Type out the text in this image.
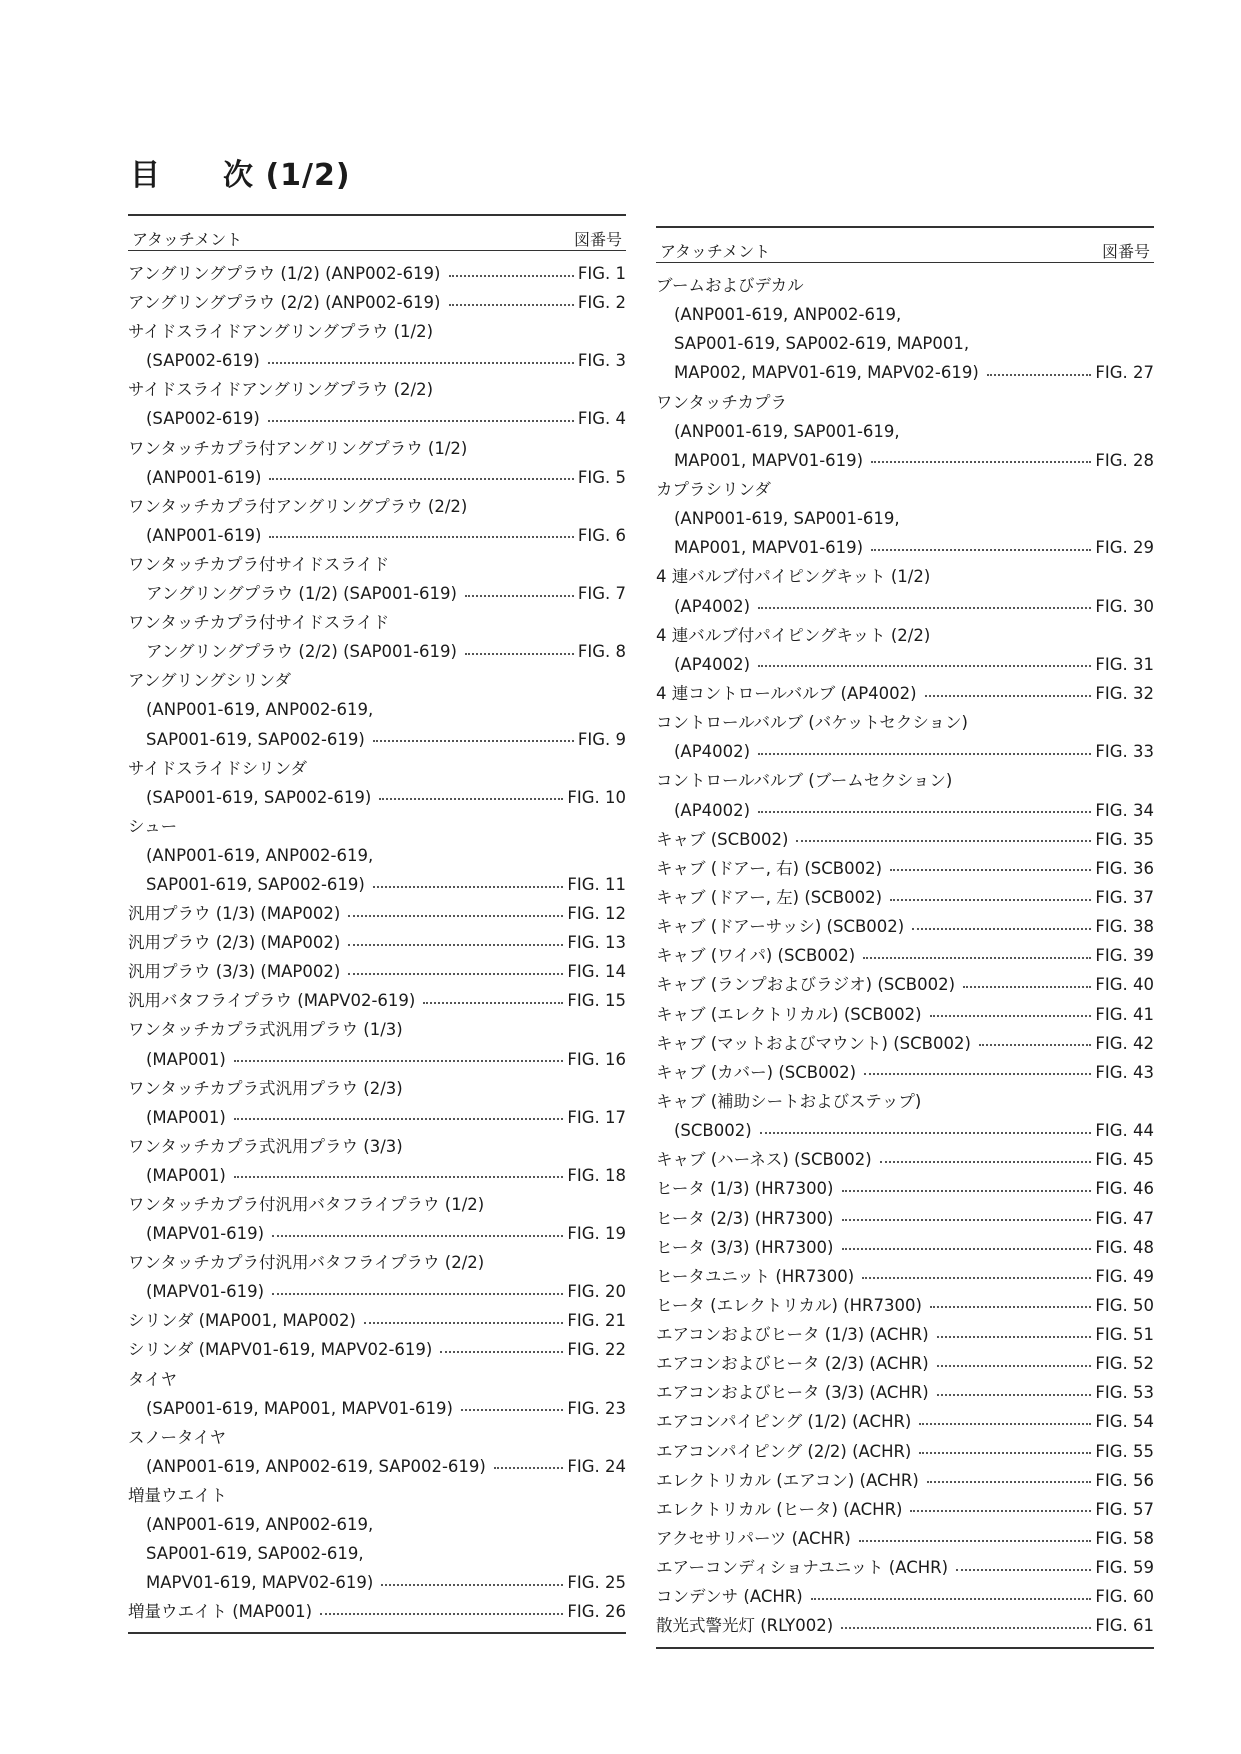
目　　次 (1/2)
アタッチメント	図番号
アングリングプラウ (1/2) (ANP002-619)	FIG. 1
アングリングプラウ (2/2) (ANP002-619)	FIG. 2
サイドスライドアングリングプラウ (1/2)
(SAP002-619)	FIG. 3
サイドスライドアングリングプラウ (2/2)
(SAP002-619)	FIG. 4
ワンタッチカプラ付アングリングプラウ (1/2)
(ANP001-619)	FIG. 5
ワンタッチカプラ付アングリングプラウ (2/2)
(ANP001-619)	FIG. 6
ワンタッチカプラ付サイドスライド
アングリングプラウ (1/2) (SAP001-619)	FIG. 7
ワンタッチカプラ付サイドスライド
アングリングプラウ (2/2) (SAP001-619)	FIG. 8
アングリングシリンダ
(ANP001-619, ANP002-619,
SAP001-619, SAP002-619)	FIG. 9
サイドスライドシリンダ
(SAP001-619, SAP002-619)	FIG. 10
シュー
(ANP001-619, ANP002-619,
SAP001-619, SAP002-619)	FIG. 11
汎用プラウ (1/3) (MAP002)	FIG. 12
汎用プラウ (2/3) (MAP002)	FIG. 13
汎用プラウ (3/3) (MAP002)	FIG. 14
汎用バタフライプラウ (MAPV02-619)	FIG. 15
ワンタッチカプラ式汎用プラウ (1/3)
(MAP001)	FIG. 16
ワンタッチカプラ式汎用プラウ (2/3)
(MAP001)	FIG. 17
ワンタッチカプラ式汎用プラウ (3/3)
(MAP001)	FIG. 18
ワンタッチカプラ付汎用バタフライプラウ (1/2)
(MAPV01-619)	FIG. 19
ワンタッチカプラ付汎用バタフライプラウ (2/2)
(MAPV01-619)	FIG. 20
シリンダ (MAP001, MAP002)	FIG. 21
シリンダ (MAPV01-619, MAPV02-619)	FIG. 22
タイヤ
(SAP001-619, MAP001, MAPV01-619)	FIG. 23
スノータイヤ
(ANP001-619, ANP002-619, SAP002-619)	FIG. 24
増量ウエイト
(ANP001-619, ANP002-619,
SAP001-619, SAP002-619,
MAPV01-619, MAPV02-619)	FIG. 25
増量ウエイト (MAP001)	FIG. 26
アタッチメント	図番号
ブームおよびデカル
(ANP001-619, ANP002-619,
SAP001-619, SAP002-619, MAP001,
MAP002, MAPV01-619, MAPV02-619)	FIG. 27
ワンタッチカプラ
(ANP001-619, SAP001-619,
MAP001, MAPV01-619)	FIG. 28
カプラシリンダ
(ANP001-619, SAP001-619,
MAP001, MAPV01-619)	FIG. 29
4 連バルブ付パイピングキット (1/2)
(AP4002)	FIG. 30
4 連バルブ付パイピングキット (2/2)
(AP4002)	FIG. 31
4 連コントロールバルブ (AP4002)	FIG. 32
コントロールバルブ (バケットセクション)
(AP4002)	FIG. 33
コントロールバルブ (ブームセクション)
(AP4002)	FIG. 34
キャブ (SCB002)	FIG. 35
キャブ (ドアー, 右) (SCB002)	FIG. 36
キャブ (ドアー, 左) (SCB002)	FIG. 37
キャブ (ドアーサッシ) (SCB002)	FIG. 38
キャブ (ワイパ) (SCB002)	FIG. 39
キャブ (ランプおよびラジオ) (SCB002)	FIG. 40
キャブ (エレクトリカル) (SCB002)	FIG. 41
キャブ (マットおよびマウント) (SCB002)	FIG. 42
キャブ (カバー) (SCB002)	FIG. 43
キャブ (補助シートおよびステップ)
(SCB002)	FIG. 44
キャブ (ハーネス) (SCB002)	FIG. 45
ヒータ (1/3) (HR7300)	FIG. 46
ヒータ (2/3) (HR7300)	FIG. 47
ヒータ (3/3) (HR7300)	FIG. 48
ヒータユニット (HR7300)	FIG. 49
ヒータ (エレクトリカル) (HR7300)	FIG. 50
エアコンおよびヒータ (1/3) (ACHR)	FIG. 51
エアコンおよびヒータ (2/3) (ACHR)	FIG. 52
エアコンおよびヒータ (3/3) (ACHR)	FIG. 53
エアコンパイピング (1/2) (ACHR)	FIG. 54
エアコンパイピング (2/2) (ACHR)	FIG. 55
エレクトリカル (エアコン) (ACHR)	FIG. 56
エレクトリカル (ヒータ) (ACHR)	FIG. 57
アクセサリパーツ (ACHR)	FIG. 58
エアーコンディショナユニット (ACHR)	FIG. 59
コンデンサ (ACHR)	FIG. 60
散光式警光灯 (RLY002)	FIG. 61
